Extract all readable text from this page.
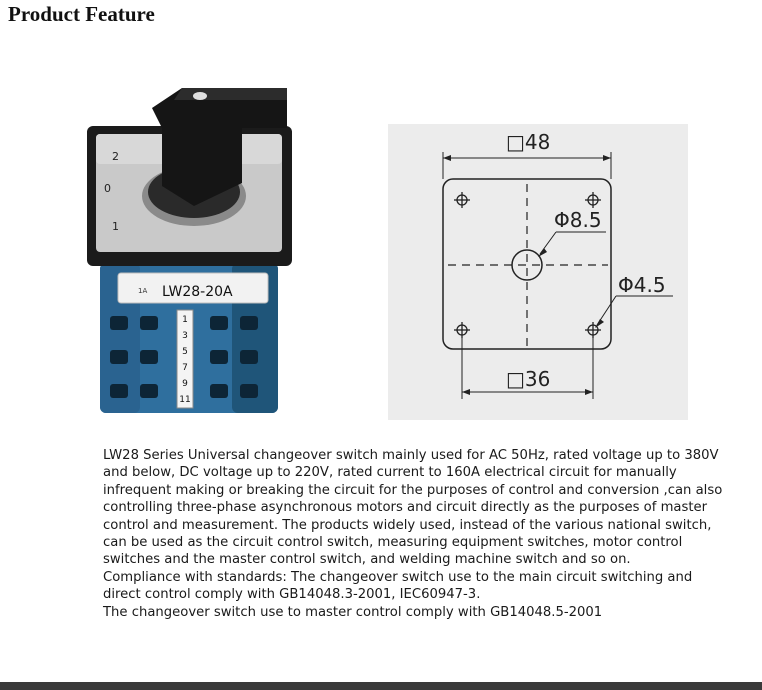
Product Feature
2
0
1
1A LW28-20A
1
3
5
7
9
11
□48
Φ8.5
Φ4.5
□36

LW28 Series Universal changeover switch mainly used for AC 50Hz, rated voltage up to 380V and below, DC voltage up to 220V, rated current to 160A electrical circuit for manually infrequent making or breaking the circuit for the purposes of control and conversion ,can also controlling three-phase asynchronous motors and circuit directly as the purposes of master control and measurement. The products widely used, instead of the various national switch, can be used as the circuit control switch, measuring equipment switches, motor control switches and the master control switch, and welding machine switch and so on.

Compliance with standards: The changeover switch use to the main circuit switching and direct control comply with GB14048.3-2001, IEC60947-3.

The changeover switch use to master control comply with GB14048.5-2001
